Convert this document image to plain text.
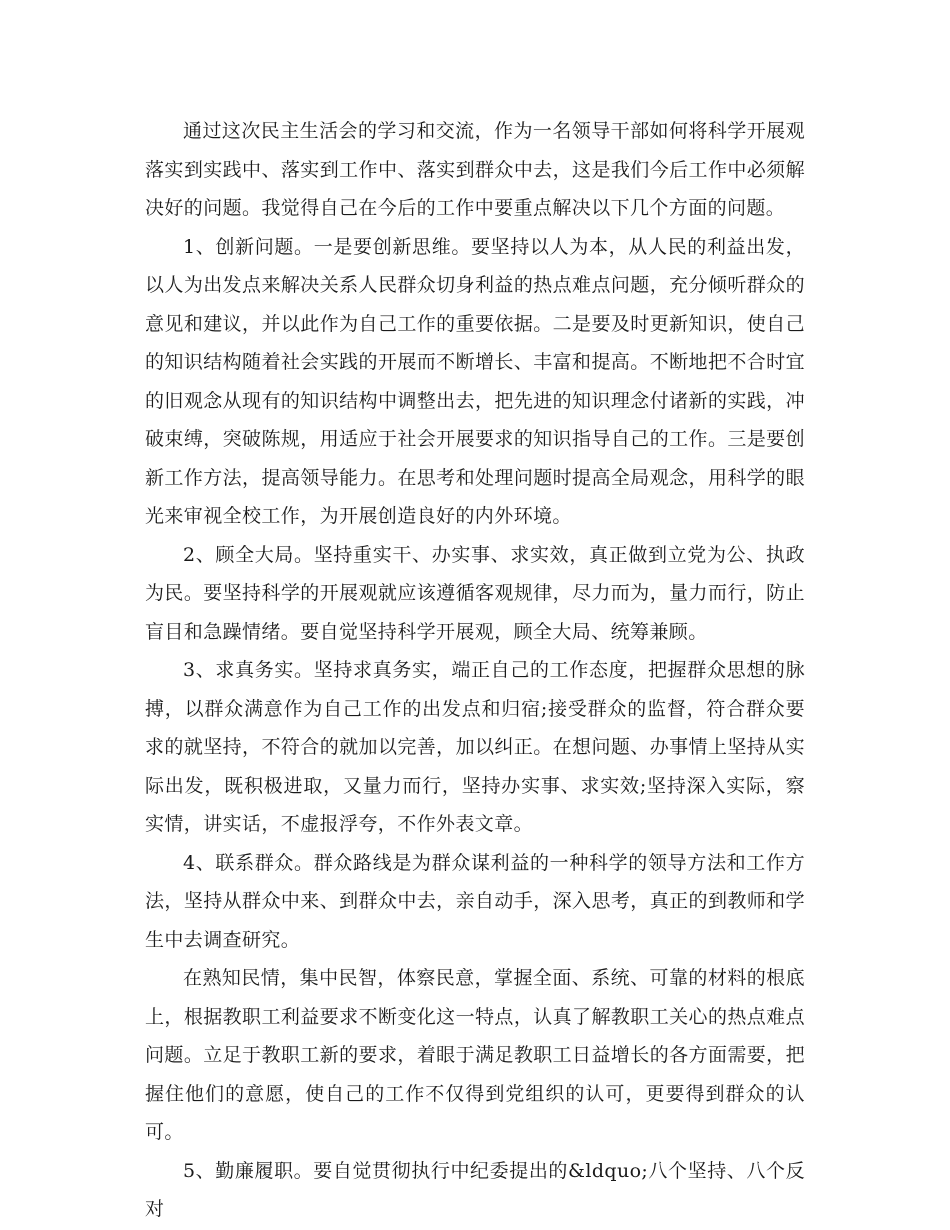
通过这次民主生活会的学习和交流，作为一名领导干部如何将科学开展观落实到实践中、落实到工作中、落实到群众中去，这是我们今后工作中必须解决好的问题。我觉得自己在今后的工作中要重点解决以下几个方面的问题。

1、创新问题。一是要创新思维。要坚持以人为本，从人民的利益出发，以人为出发点来解决关系人民群众切身利益的热点难点问题，充分倾听群众的意见和建议，并以此作为自己工作的重要依据。二是要及时更新知识，使自己的知识结构随着社会实践的开展而不断增长、丰富和提高。不断地把不合时宜的旧观念从现有的知识结构中调整出去，把先进的知识理念付诸新的实践，冲破束缚，突破陈规，用适应于社会开展要求的知识指导自己的工作。三是要创新工作方法，提高领导能力。在思考和处理问题时提高全局观念，用科学的眼光来审视全校工作，为开展创造良好的内外环境。

2、顾全大局。坚持重实干、办实事、求实效，真正做到立党为公、执政为民。要坚持科学的开展观就应该遵循客观规律，尽力而为，量力而行，防止盲目和急躁情绪。要自觉坚持科学开展观，顾全大局、统筹兼顾。

3、求真务实。坚持求真务实，端正自己的工作态度，把握群众思想的脉搏，以群众满意作为自己工作的出发点和归宿;接受群众的监督，符合群众要求的就坚持，不符合的就加以完善，加以纠正。在想问题、办事情上坚持从实际出发，既积极进取，又量力而行，坚持办实事、求实效;坚持深入实际，察实情，讲实话，不虚报浮夸，不作外表文章。

4、联系群众。群众路线是为群众谋利益的一种科学的领导方法和工作方法，坚持从群众中来、到群众中去，亲自动手，深入思考，真正的到教师和学生中去调查研究。

在熟知民情，集中民智，体察民意，掌握全面、系统、可靠的材料的根底上，根据教职工利益要求不断变化这一特点，认真了解教职工关心的热点难点问题。立足于教职工新的要求，着眼于满足教职工日益增长的各方面需要，把握住他们的意愿，使自己的工作不仅得到党组织的认可，更要得到群众的认可。

5、勤廉履职。要自觉贯彻执行中纪委提出的&ldquo;八个坚持、八个反对
